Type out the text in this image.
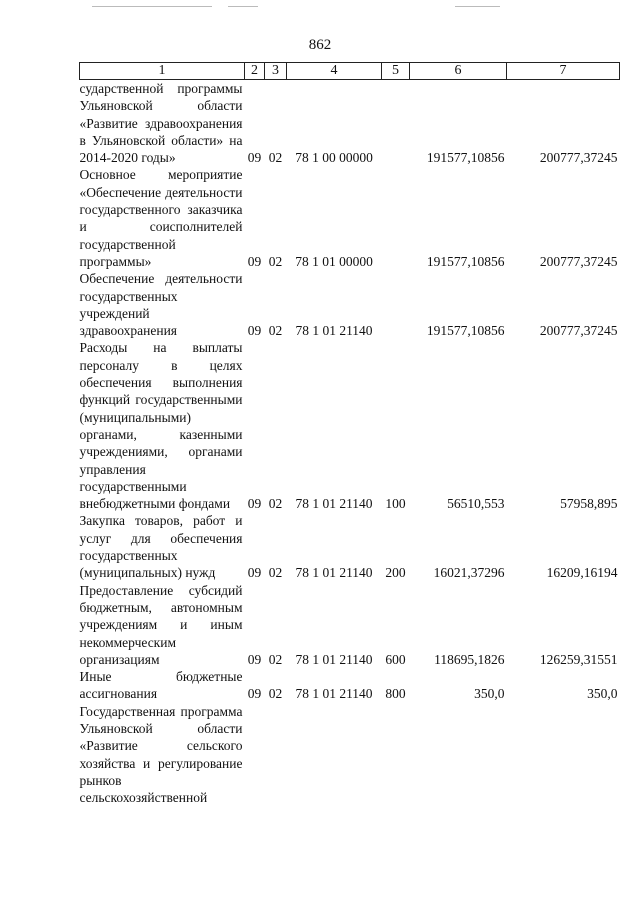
862
1	2	3	4	5	6	7
сударственной программы Ульяновской области «Развитие здравоохранения в Ульяновской области» на 2014-2020 годы»	09	02	78 1 00 00000		191577,10856	200777,37245
Основное мероприятие «Обеспечение деятельности государственного заказчика и соисполнителей государственной программы»	09	02	78 1 01 00000		191577,10856	200777,37245
Обеспечение деятельности государственных учреждений здравоохранения	09	02	78 1 01 21140		191577,10856	200777,37245
Расходы на выплаты персоналу в целях обеспечения выполнения функций государственными (муниципальными) органами, казенными учреждениями, органами управления государственными внебюджетными фондами	09	02	78 1 01 21140	100	56510,553	57958,895
Закупка товаров, работ и услуг для обеспечения государственных (муниципальных) нужд	09	02	78 1 01 21140	200	16021,37296	16209,16194
Предоставление субсидий бюджетным, автономным учреждениям и иным некоммерческим организациям	09	02	78 1 01 21140	600	118695,1826	126259,31551
Иные бюджетные ассигнования	09	02	78 1 01 21140	800	350,0	350,0
Государственная программа Ульяновской области «Развитие сельского хозяйства и регулирование рынков сельскохозяйственной						
